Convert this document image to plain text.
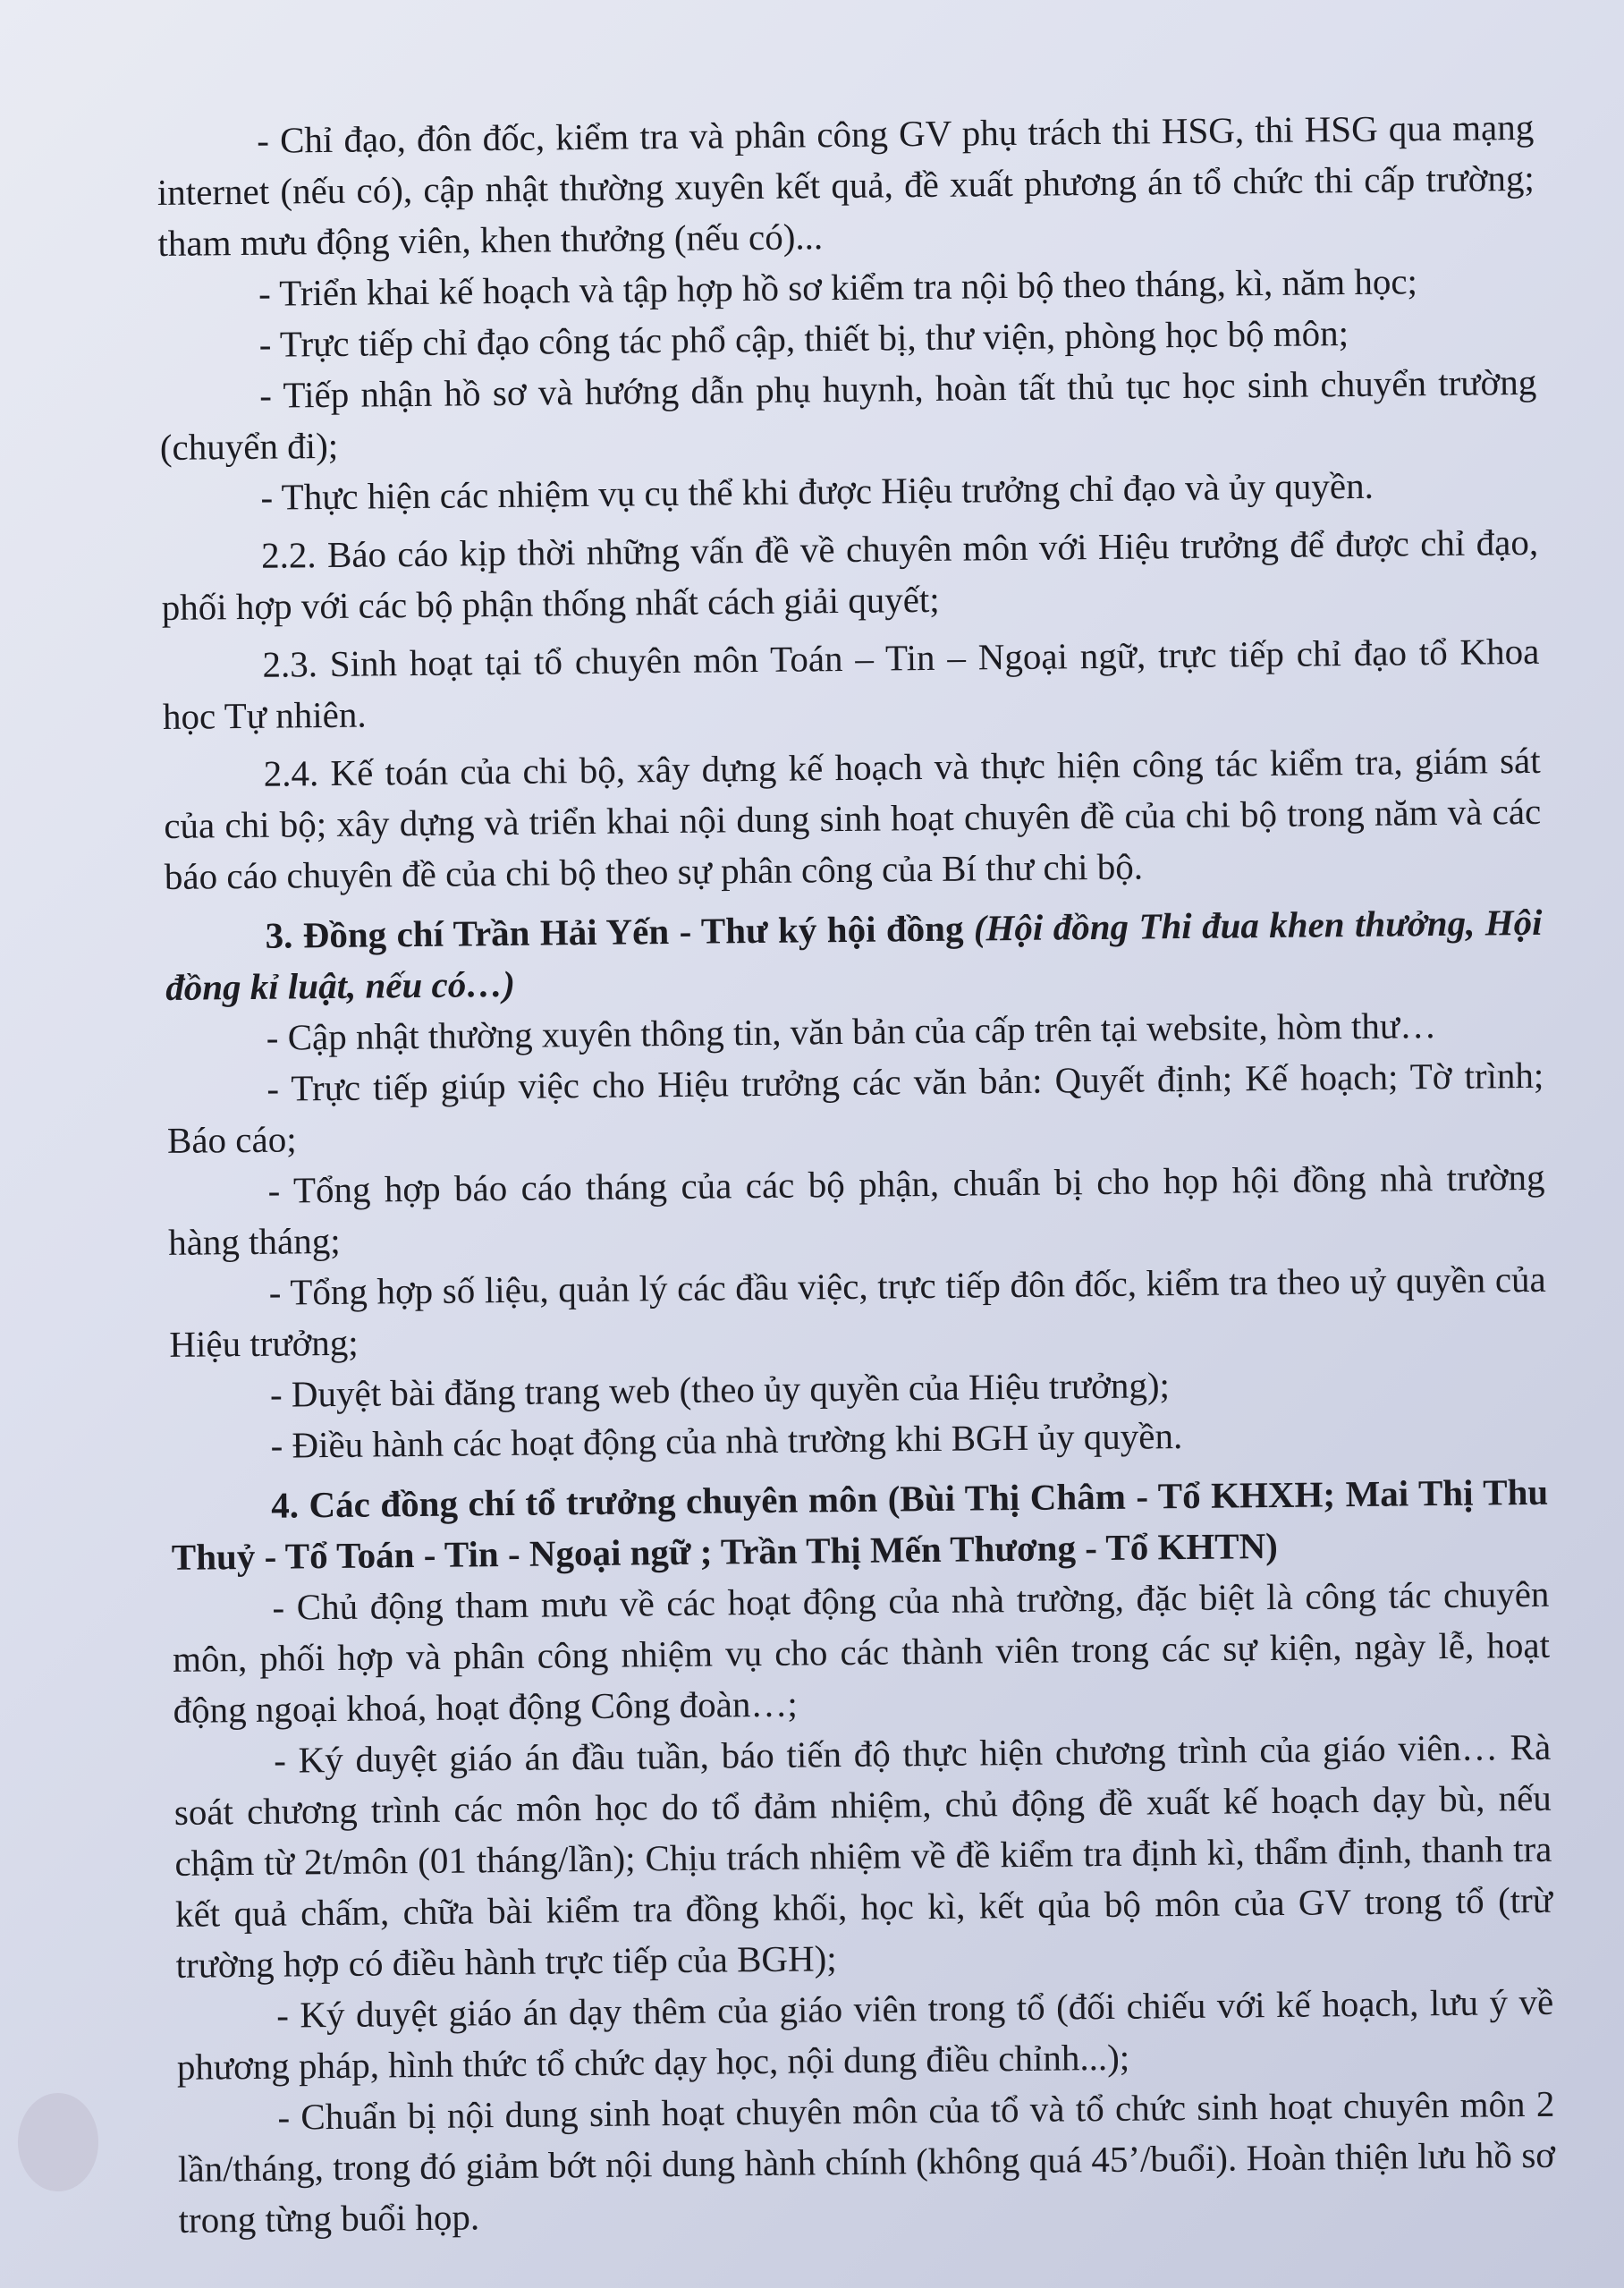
- Chỉ đạo, đôn đốc, kiểm tra và phân công GV phụ trách thi HSG, thi HSG qua mạng internet (nếu có), cập nhật thường xuyên kết quả, đề xuất phương án tổ chức thi cấp trường; tham mưu động viên, khen thưởng (nếu có)...

- Triển khai kế hoạch và tập hợp hồ sơ kiểm tra nội bộ theo tháng, kì, năm học;

- Trực tiếp chỉ đạo công tác phổ cập, thiết bị, thư viện, phòng học bộ môn;

- Tiếp nhận hồ sơ và hướng dẫn phụ huynh, hoàn tất thủ tục học sinh chuyển trường (chuyển đi);

- Thực hiện các nhiệm vụ cụ thể khi được Hiệu trưởng chỉ đạo và ủy quyền.

2.2. Báo cáo kịp thời những vấn đề về chuyên môn với Hiệu trưởng để được chỉ đạo, phối hợp với các bộ phận thống nhất cách giải quyết;

2.3. Sinh hoạt tại tổ chuyên môn Toán – Tin – Ngoại ngữ, trực tiếp chỉ đạo tổ Khoa học Tự nhiên.

2.4. Kế toán của chi bộ, xây dựng kế hoạch và thực hiện công tác kiểm tra, giám sát của chi bộ; xây dựng và triển khai nội dung sinh hoạt chuyên đề của chi bộ trong năm và các báo cáo chuyên đề của chi bộ theo sự phân công của Bí thư chi bộ.

3. Đồng chí Trần Hải Yến - Thư ký hội đồng (Hội đồng Thi đua khen thưởng, Hội đồng kỉ luật, nếu có…)

- Cập nhật thường xuyên thông tin, văn bản của cấp trên tại website, hòm thư…

- Trực tiếp giúp việc cho Hiệu trưởng các văn bản: Quyết định; Kế hoạch; Tờ trình; Báo cáo;

- Tổng hợp báo cáo tháng của các bộ phận, chuẩn bị cho họp hội đồng nhà trường hàng tháng;

- Tổng hợp số liệu, quản lý các đầu việc, trực tiếp đôn đốc, kiểm tra theo uỷ quyền của Hiệu trưởng;

- Duyệt bài đăng trang web (theo ủy quyền của Hiệu trưởng);

- Điều hành các hoạt động của nhà trường khi BGH ủy quyền.

4. Các đồng chí tổ trưởng chuyên môn (Bùi Thị Châm - Tổ KHXH; Mai Thị Thu Thuỷ - Tổ Toán - Tin - Ngoại ngữ ; Trần Thị Mến Thương - Tổ KHTN)

- Chủ động tham mưu về các hoạt động của nhà trường, đặc biệt là công tác chuyên môn, phối hợp và phân công nhiệm vụ cho các thành viên trong các sự kiện, ngày lễ, hoạt động ngoại khoá, hoạt động Công đoàn…;

- Ký duyệt giáo án đầu tuần, báo tiến độ thực hiện chương trình của giáo viên… Rà soát chương trình các môn học do tổ đảm nhiệm, chủ động đề xuất kế hoạch dạy bù, nếu chậm từ 2t/môn (01 tháng/lần); Chịu trách nhiệm về đề kiểm tra định kì, thẩm định, thanh tra kết quả chấm, chữa bài kiểm tra đồng khối, học kì, kết qủa bộ môn của GV trong tổ (trừ trường hợp có điều hành trực tiếp của BGH);

- Ký duyệt giáo án dạy thêm của giáo viên trong tổ (đối chiếu với kế hoạch, lưu ý về phương pháp, hình thức tổ chức dạy học, nội dung điều chỉnh...);

- Chuẩn bị nội dung sinh hoạt chuyên môn của tổ và tổ chức sinh hoạt chuyên môn 2 lần/tháng, trong đó giảm bớt nội dung hành chính (không quá 45’/buổi). Hoàn thiện lưu hồ sơ trong từng buổi họp.
